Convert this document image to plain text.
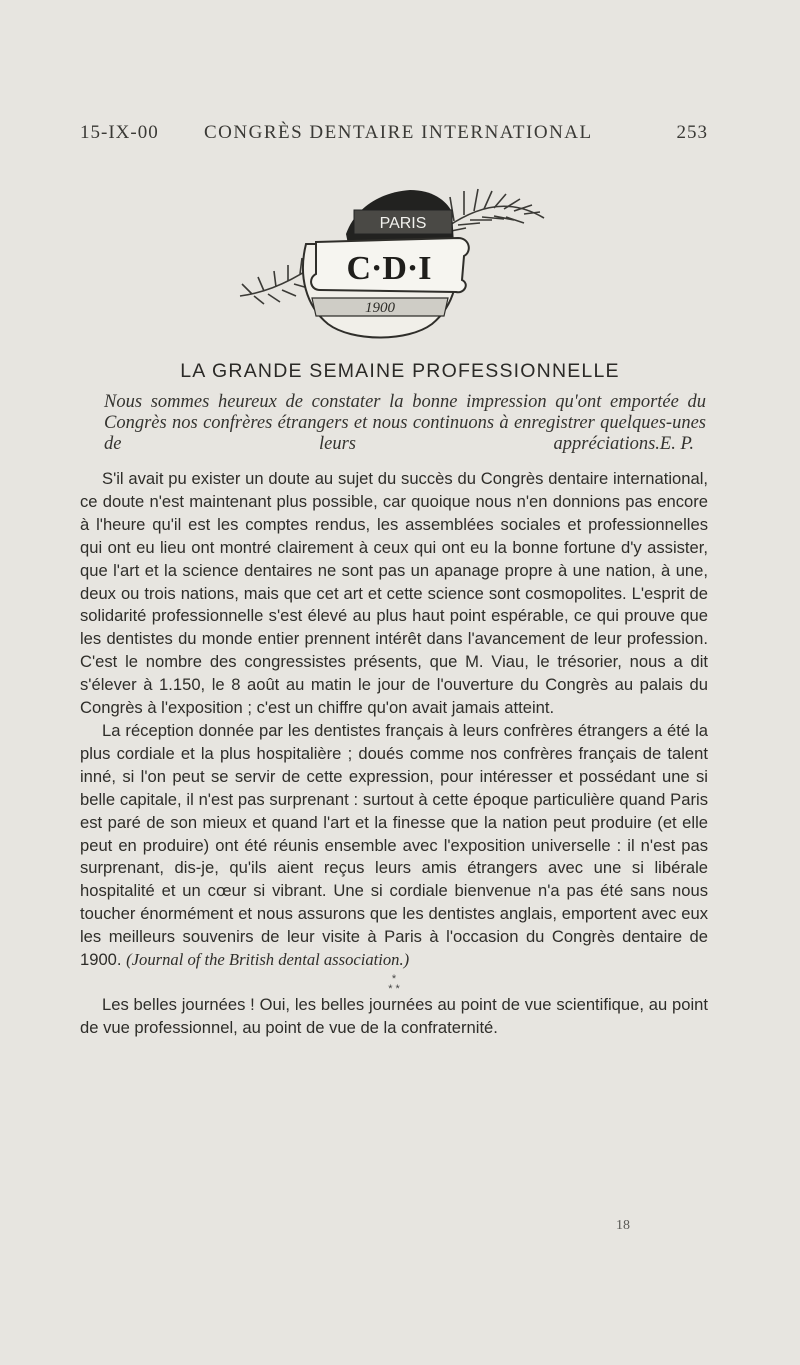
15-IX-00 CONGRÈS DENTAIRE INTERNATIONAL	253
PARIS
C·D·I
1900
LA GRANDE SEMAINE PROFESSIONNELLE
Nous sommes heureux de constater la bonne impression qu'ont emportée du Congrès nos confrères étrangers et nous continuons à enregistrer quelques-unes de leurs appréciations. E. P.

S'il avait pu exister un doute au sujet du succès du Congrès dentaire international, ce doute n'est maintenant plus possible, car quoique nous n'en donnions pas encore à l'heure qu'il est les comptes rendus, les assemblées sociales et professionnelles qui ont eu lieu ont montré clairement à ceux qui ont eu la bonne fortune d'y assister, que l'art et la science dentaires ne sont pas un apanage propre à une nation, à une, deux ou trois nations, mais que cet art et cette science sont cosmopolites. L'esprit de solidarité professionnelle s'est élevé au plus haut point espérable, ce qui prouve que les dentistes du monde entier prennent intérêt dans l'avancement de leur profession. C'est le nombre des congressistes présents, que M. Viau, le trésorier, nous a dit s'élever à 1.150, le 8 août au matin le jour de l'ouverture du Congrès au palais du Congrès à l'exposition ; c'est un chiffre qu'on avait jamais atteint.

La réception donnée par les dentistes français à leurs confrères étrangers a été la plus cordiale et la plus hospitalière ; doués comme nos confrères français de talent inné, si l'on peut se servir de cette expression, pour intéresser et possédant une si belle capitale, il n'est pas surprenant : surtout à cette époque particulière quand Paris est paré de son mieux et quand l'art et la finesse que la nation peut produire (et elle peut en produire) ont été réunis ensemble avec l'exposition universelle : il n'est pas surprenant, dis-je, qu'ils aient reçus leurs amis étrangers avec une si libérale hospitalité et un cœur si vibrant. Une si cordiale bienvenue n'a pas été sans nous toucher énormément et nous assurons que les dentistes anglais, emportent avec eux les meilleurs souvenirs de leur visite à Paris à l'occasion du Congrès dentaire de 1900. (Journal of the British dental association.)

*
* *

Les belles journées ! Oui, les belles journées au point de vue scientifique, au point de vue professionnel, au point de vue de la confraternité.

18
